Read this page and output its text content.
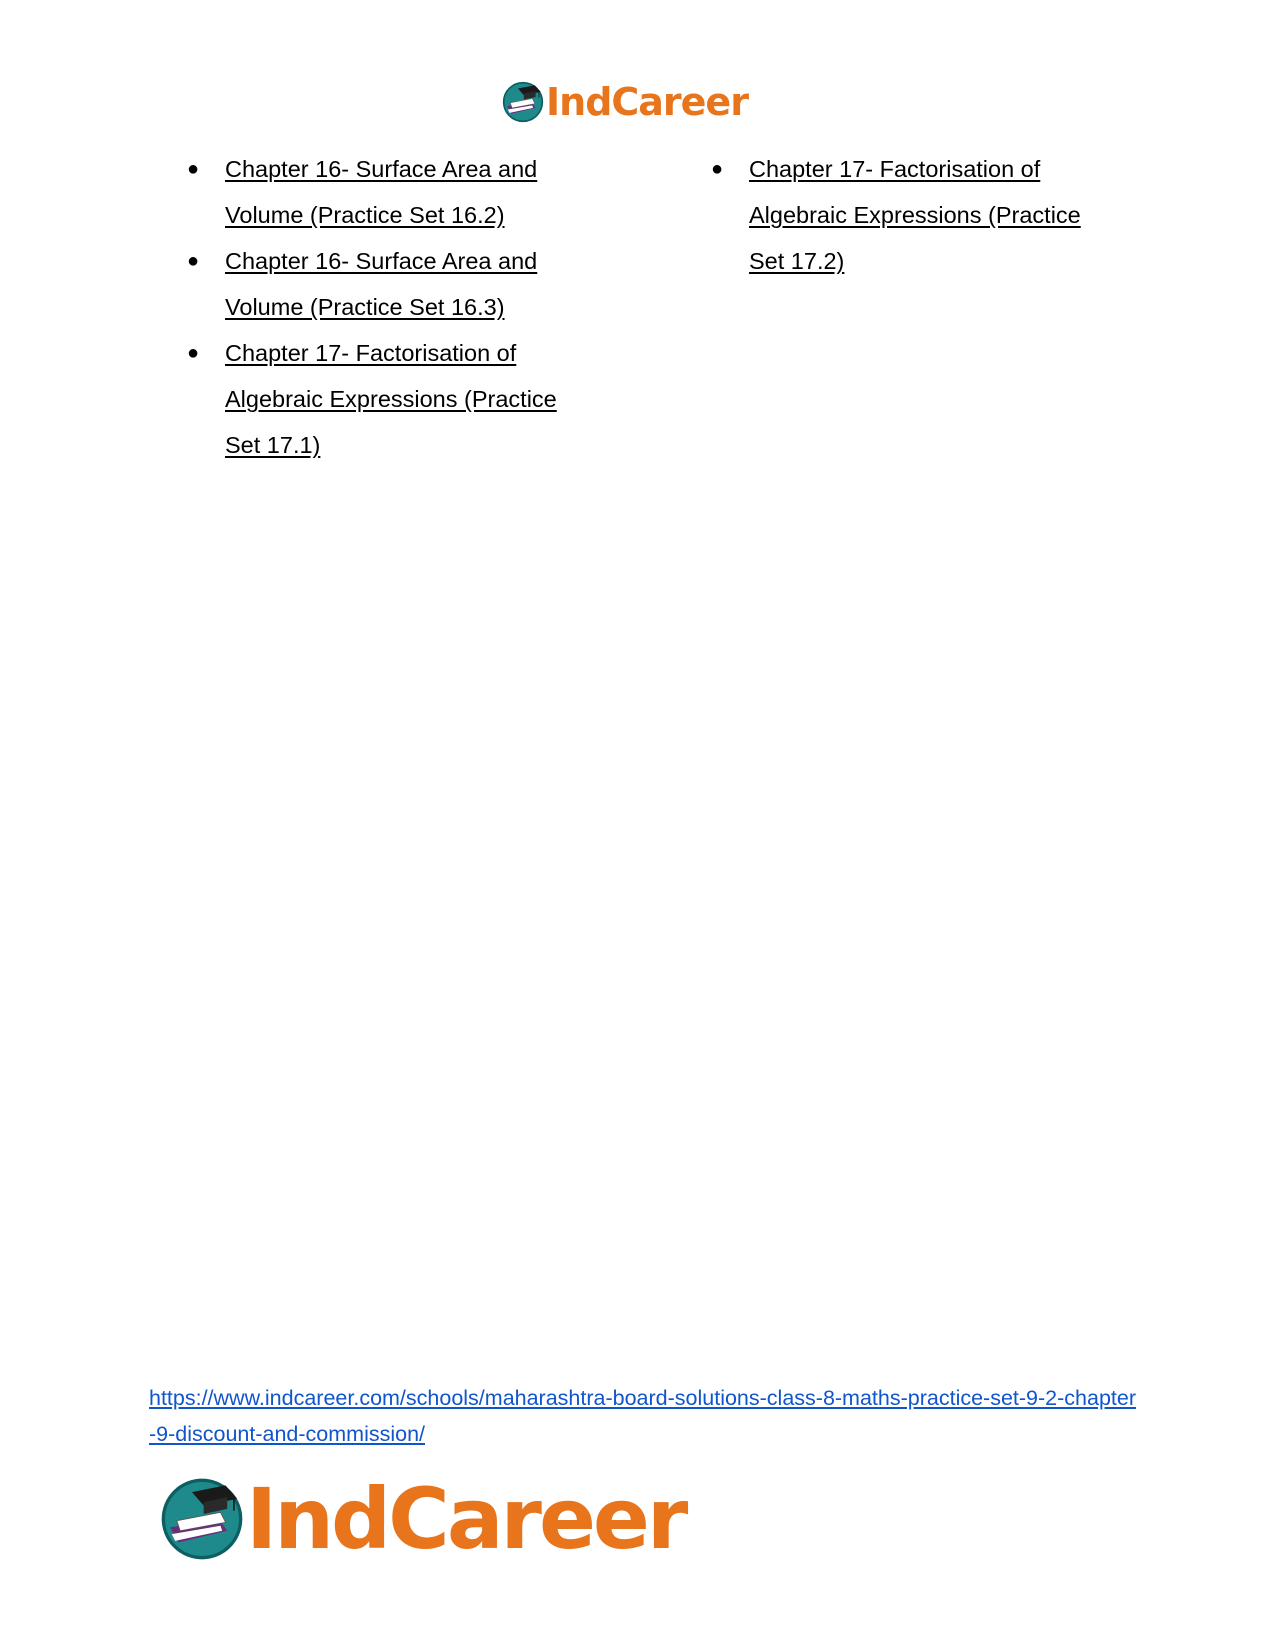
IndCareer
● Chapter 16- Surface Area and Volume (Practice Set 16.2)
● Chapter 16- Surface Area and Volume (Practice Set 16.3)
● Chapter 17- Factorisation of Algebraic Expressions (Practice Set 17.1)
● Chapter 17- Factorisation of Algebraic Expressions (Practice Set 17.2)
https://www.indcareer.com/schools/maharashtra-board-solutions-class-8-maths-practice-set-9-2-chapter-9-discount-and-commission/
IndCareer
